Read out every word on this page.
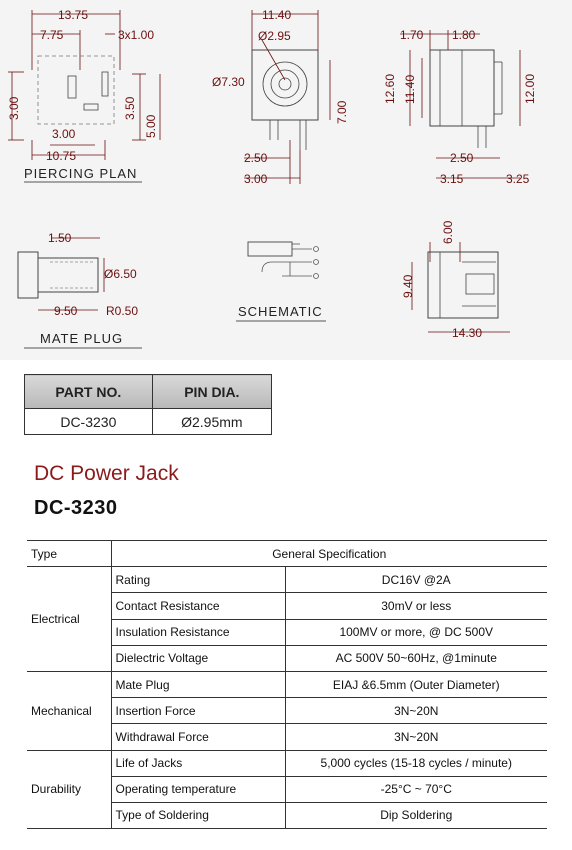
13.75
7.75	3x1.00
3.00	3.50
5.00
3.00
10.75
PIERCING PLAN
11.40
Ø2.95
Ø7.30
7.00
2.50
3.00
1.70 1.80
12.60 11.40	12.00
2.50
3.15	3.25
1.50
Ø6.50
9.50 R0.50
MATE PLUG
SCHEMATIC
6.00
9.40
14.30
PART NO.	PIN DIA.
DC-3230	Ø2.95mm
DC Power Jack
DC-3230
Type	General Specification	
Electrical	Rating	DC16V @2A
	Contact Resistance	30mV or less
	Insulation Resistance	100MV or more, @ DC 500V
	Dielectric Voltage	AC 500V 50~60Hz, @1minute
Mechanical	Mate Plug	EIAJ &6.5mm (Outer Diameter)
	Insertion Force	3N~20N
	Withdrawal Force	3N~20N
Durability	Life of Jacks	5,000 cycles (15-18 cycles / minute)
	Operating temperature	-25°C ~ 70°C
	Type of Soldering	Dip Soldering
